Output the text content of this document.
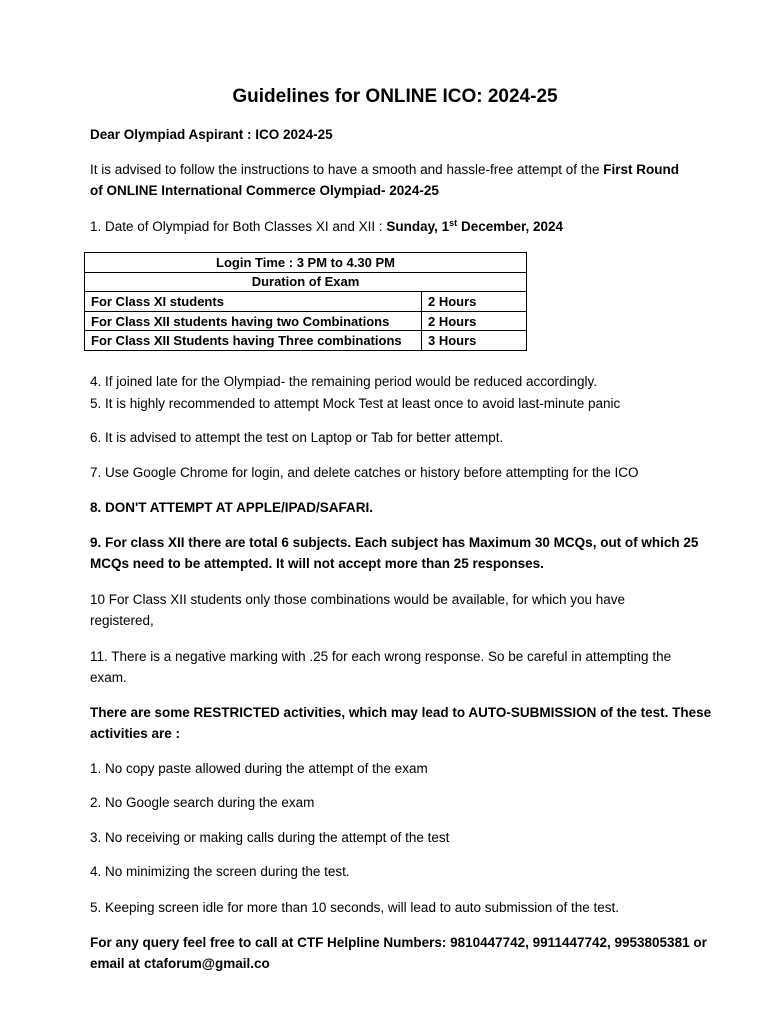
Guidelines for ONLINE ICO: 2024-25
Dear Olympiad Aspirant : ICO 2024-25
It is advised to follow the instructions to have a smooth and hassle-free attempt of the First Round
of ONLINE International Commerce Olympiad- 2024-25
1. Date of Olympiad for Both Classes XI and XII : Sunday, 1st December, 2024
Login Time : 3 PM to 4.30 PM	
Duration of Exam	
For Class XI students	2 Hours
For Class XII students having two Combinations	2 Hours
For Class XII Students having Three combinations	3 Hours
4. If joined late for the Olympiad- the remaining period would be reduced accordingly.
5. It is highly recommended to attempt Mock Test at least once to avoid last-minute panic
6. It is advised to attempt the test on Laptop or Tab for better attempt.
7. Use Google Chrome for login, and delete catches or history before attempting for the ICO
8. DON'T ATTEMPT AT APPLE/IPAD/SAFARI.
9. For class XII there are total 6 subjects. Each subject has Maximum 30 MCQs, out of which 25
MCQs need to be attempted. It will not accept more than 25 responses.
10 For Class XII students only those combinations would be available, for which you have
registered,
11. There is a negative marking with .25 for each wrong response. So be careful in attempting the
exam.
There are some RESTRICTED activities, which may lead to AUTO-SUBMISSION of the test. These
activities are :
1. No copy paste allowed during the attempt of the exam
2. No Google search during the exam
3. No receiving or making calls during the attempt of the test
4. No minimizing the screen during the test.
5. Keeping screen idle for more than 10 seconds, will lead to auto submission of the test.
For any query feel free to call at CTF Helpline Numbers: 9810447742, 9911447742, 9953805381 or
email at ctaforum@gmail.co
